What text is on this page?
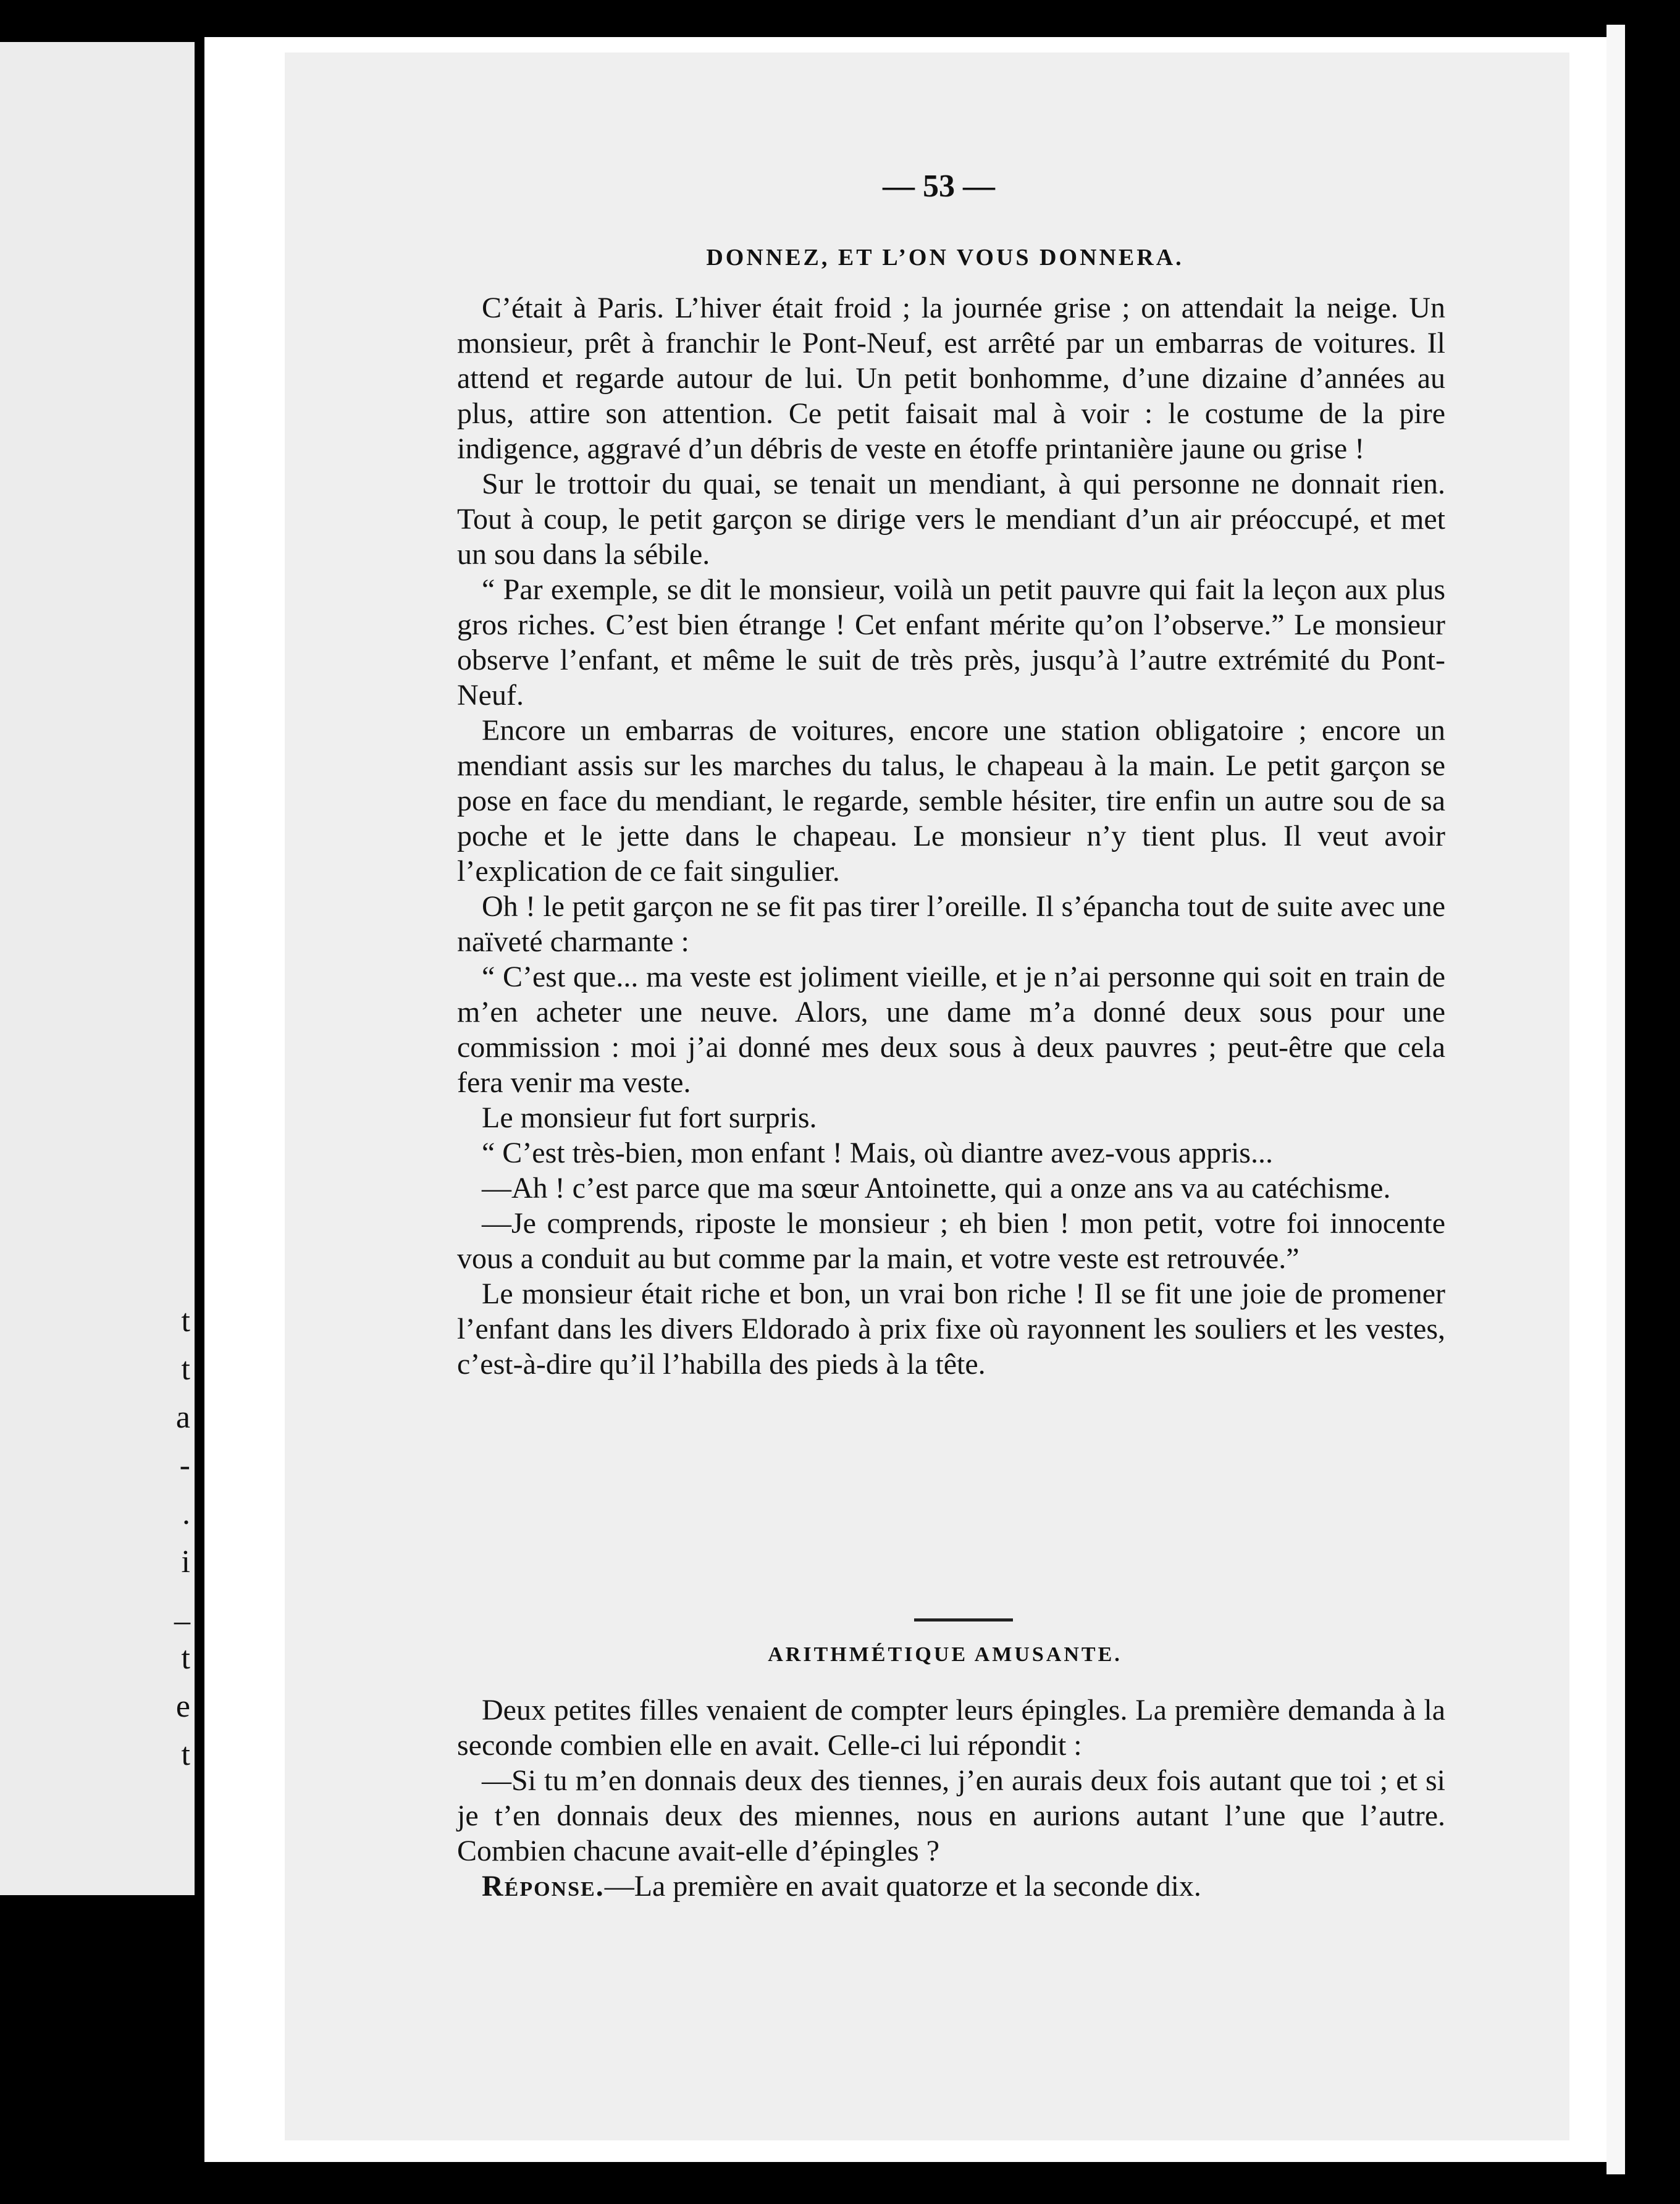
t
t
a
-
.
i
_
t
e
t
— 53 —
DONNEZ, ET L’ON VOUS DONNERA.

C’était à Paris. L’hiver était froid ; la journée grise ; on attendait la neige. Un monsieur, prêt à franchir le Pont-Neuf, est arrêté par un embarras de voitures. Il attend et regarde autour de lui. Un petit bonhomme, d’une dizaine d’années au plus, attire son attention. Ce petit faisait mal à voir : le costume de la pire indigence, aggravé d’un débris de veste en étoffe printanière jaune ou grise !

Sur le trottoir du quai, se tenait un mendiant, à qui personne ne donnait rien. Tout à coup, le petit garçon se dirige vers le mendiant d’un air préoccupé, et met un sou dans la sébile.

“ Par exemple, se dit le monsieur, voilà un petit pauvre qui fait la leçon aux plus gros riches. C’est bien étrange ! Cet enfant mérite qu’on l’observe.” Le monsieur observe l’enfant, et même le suit de très près, jusqu’à l’autre extrémité du Pont-Neuf.

Encore un embarras de voitures, encore une station obligatoire ; encore un mendiant assis sur les marches du talus, le chapeau à la main. Le petit garçon se pose en face du mendiant, le regarde, semble hésiter, tire enfin un autre sou de sa poche et le jette dans le chapeau. Le monsieur n’y tient plus. Il veut avoir l’explication de ce fait singulier.

Oh ! le petit garçon ne se fit pas tirer l’oreille. Il s’épancha tout de suite avec une naïveté charmante :

“ C’est que... ma veste est joliment vieille, et je n’ai personne qui soit en train de m’en acheter une neuve. Alors, une dame m’a donné deux sous pour une commission : moi j’ai donné mes deux sous à deux pauvres ; peut-être que cela fera venir ma veste.

Le monsieur fut fort surpris.

“ C’est très-bien, mon enfant ! Mais, où diantre avez-vous appris...

—Ah ! c’est parce que ma sœur Antoinette, qui a onze ans va au catéchisme.

—Je comprends, riposte le monsieur ; eh bien ! mon petit, votre foi innocente vous a conduit au but comme par la main, et votre veste est retrouvée.”

Le monsieur était riche et bon, un vrai bon riche ! Il se fit une joie de promener l’enfant dans les divers Eldorado à prix fixe où rayonnent les souliers et les vestes, c’est-à-dire qu’il l’habilla des pieds à la tête.

ARITHMÉTIQUE AMUSANTE.

Deux petites filles venaient de compter leurs épingles. La première demanda à la seconde combien elle en avait. Celle-ci lui répondit :

—Si tu m’en donnais deux des tiennes, j’en aurais deux fois autant que toi ; et si je t’en donnais deux des miennes, nous en aurions autant l’une que l’autre. Combien chacune avait-elle d’épingles ?

Réponse.—La première en avait quatorze et la seconde dix.
